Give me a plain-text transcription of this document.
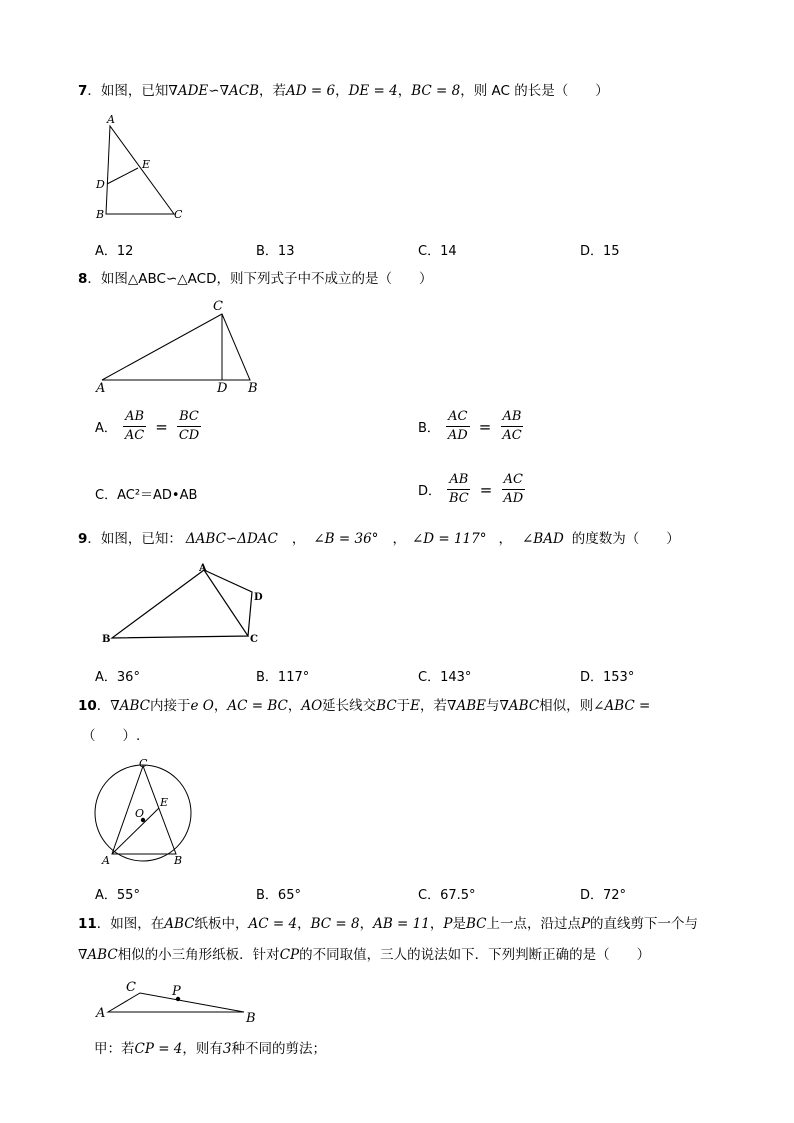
7．如图，已知∇ADE∽∇ACB，若AD = 6，DE = 4，BC = 8，则 AC 的长是（　　）
A
B	C
D
E
A．12	B．13	C．14	D．15
8．如图△ABC∽△ACD，则下列式子中不成立的是（　　）
A
C
D B
A． $\frac{AB}{AC} = \frac{BC}{CD}$	B． $\frac{AC}{AD} = \frac{AB}{AC}$
C．AC²＝AD•AB	D． $\frac{AB}{BC} = \frac{AC}{AD}$
9．如图，已知： ΔABC∽ΔDAC ， ∠B = 36° ， ∠D = 117° ， ∠BAD 的度数为（　　）
A
B	C
D
A．36°	B．117°	C．143°	D．153°
10．∇ABC内接于e O，AC = BC，AO延长线交BC于E，若∇ABE与∇ABC相似，则∠ABC =
（　　）.
C
A	B
O
E
A．55°	B．65°	C．67.5°	D．72°
11．如图，在ABC纸板中，AC = 4，BC = 8，AB = 11，P是BC上一点，沿过点P的直线剪下一个与
∇ABC相似的小三角形纸板．针对CP的不同取值，三人的说法如下．下列判断正确的是（　　）
A
C	P
B
甲：若CP = 4，则有3种不同的剪法；
